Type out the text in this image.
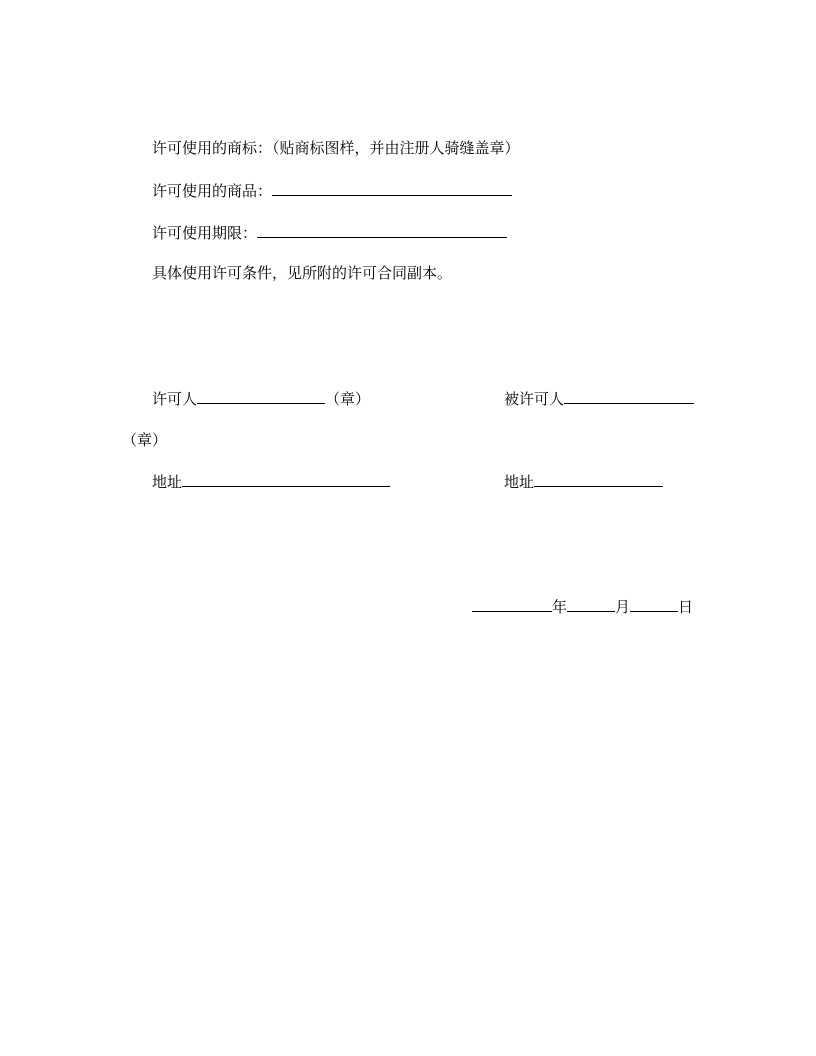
许可使用的商标：（贴商标图样，并由注册人骑缝盖章）
许可使用的商品：
许可使用期限：
具体使用许可条件，见所附的许可合同副本。
许可人	（章）	被许可人
（章）
地址	地址
年	月	日
